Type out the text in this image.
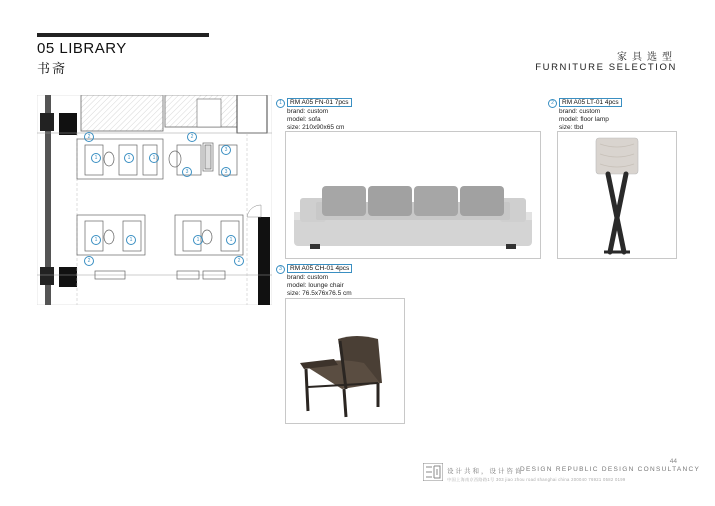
05 LIBRARY
书斋
家具选型
FURNITURE SELECTION
1	1	1
3
3
3
2	2
2	2
1	1	1	1
1 RM A05 FN-01 7pcs
brand: custom
model: sofa
size: 210x90x65 cm
2 RM A05 LT-01 4pcs
brand: custom
model: floor lamp
size: tbd
3 RM A05 CH-01 4pcs
brand: custom
model: lounge chair
size: 76.5x76x76.5 cm
设计共和，设计咨询
DESIGN REPUBLIC DESIGN CONSULTANCY
中国上海南京西路路1号 303 jiao zhou road shanghai china 200040 76921 0582 0199
44
